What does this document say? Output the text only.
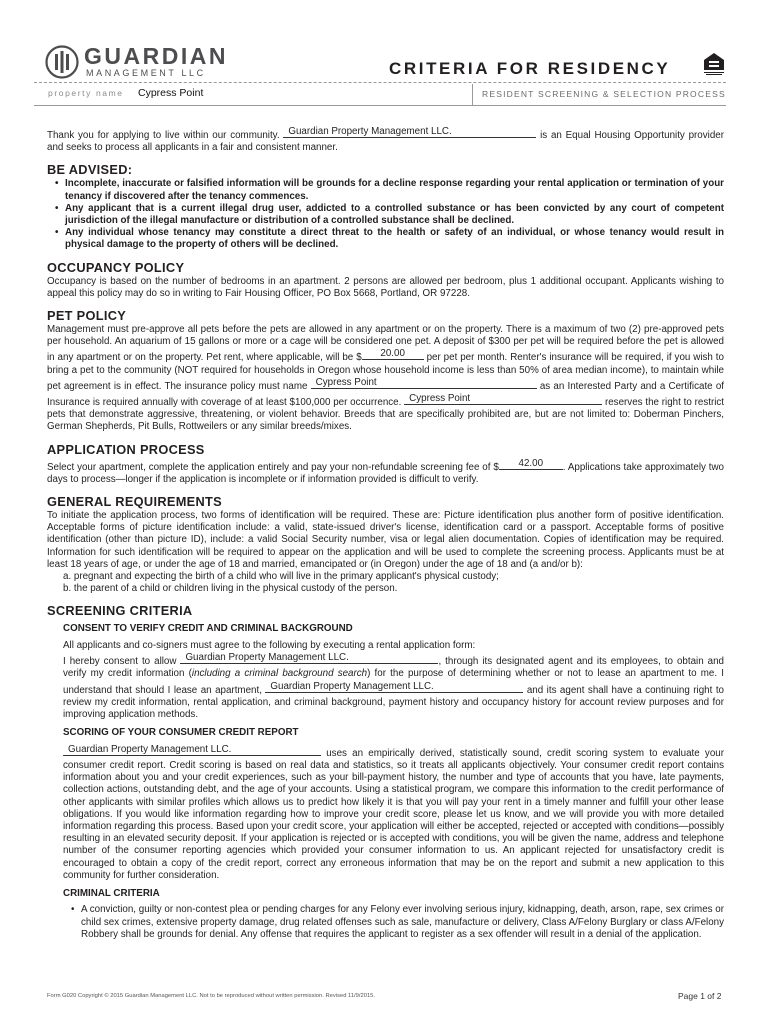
GUARDIAN
MANAGEMENT LLC	CRITERIA FOR RESIDENCY
property name Cypress Point	RESIDENT SCREENING & SELECTION PROCESS

Thank you for applying to live within our community. Guardian Property Management LLC.	is an Equal Housing Opportunity provider and seeks to process all applicants in a fair and consistent manner.

BE ADVISED:
• Incomplete, inaccurate or falsified information will be grounds for a decline response regarding your rental application or termination of your tenancy if discovered after the tenancy commences.
• Any applicant that is a current illegal drug user, addicted to a controlled substance or has been convicted by any court of competent jurisdiction of the illegal manufacture or distribution of a controlled substance shall be declined.
• Any individual whose tenancy may constitute a direct threat to the health or safety of an individual, or whose tenancy would result in physical damage to the property of others will be declined.
OCCUPANCY POLICY

Occupancy is based on the number of bedrooms in an apartment. 2 persons are allowed per bedroom, plus 1 additional occupant. Applicants wishing to appeal this policy may do so in writing to Fair Housing Officer, PO Box 5668, Portland, OR 97228.

PET POLICY

Management must pre-approve all pets before the pets are allowed in any apartment or on the property. There is a maximum of two (2) pre-approved pets per household. An aquarium of 15 gallons or more or a cage will be considered one pet. A deposit of $300 per pet will be required before the pet is allowed in any apartment or on the property. Pet rent, where applicable, will be $	20.00	per pet per month. Renter's insurance will be required, if you wish to bring a pet to the community (NOT required for households in Oregon whose household income is less than 50% of area median income), to maintain while pet agreement is in effect. The insurance policy must name Cypress Point	as an Interested Party and a Certificate of Insurance is required annually with coverage of at least $100,000 per occurrence. Cypress Point	reserves the right to restrict pets that demonstrate aggressive, threatening, or violent behavior. Breeds that are specifically prohibited are, but are not limited to: Doberman Pinchers, German Shepherds, Pit Bulls, Rottweilers or any similar breeds/mixes.

APPLICATION PROCESS

Select your apartment, complete the application entirely and pay your non-refundable screening fee of $	42.00	. Applications take approximately two days to process—longer if the application is incomplete or if information provided is difficult to verify.

GENERAL REQUIREMENTS

To initiate the application process, two forms of identification will be required. These are: Picture identification plus another form of positive identification. Acceptable forms of picture identification include: a valid, state-issued driver's license, identification card or a passport. Acceptable forms of positive identification (other than picture ID), include: a valid Social Security number, visa or legal alien documentation. Copies of identification may be required. Information for such identification will be required to appear on the application and will be used to complete the screening process. Applicants must be at least 18 years of age, or under the age of 18 and married, emancipated or (in Oregon) under the age of 18 and (a and/or b):

a. pregnant and expecting the birth of a child who will live in the primary applicant's physical custody;

b. the parent of a child or children living in the physical custody of the person.

SCREENING CRITERIA
CONSENT TO VERIFY CREDIT AND CRIMINAL BACKGROUND

All applicants and co-signers must agree to the following by executing a rental application form:

I hereby consent to allow Guardian Property Management LLC.	, through its designated agent and its employees, to obtain and verify my credit information (including a criminal background search) for the purpose of determining whether or not to lease an apartment to me. I understand that should I lease an apartment, Guardian Property Management LLC.	and its agent shall have a continuing right to review my credit information, rental application, and criminal background, payment history and occupancy history for account review purposes and for improving application methods.

SCORING OF YOUR CONSUMER CREDIT REPORT

Guardian Property Management LLC.	uses an empirically derived, statistically sound, credit scoring system to evaluate your consumer credit report. Credit scoring is based on real data and statistics, so it treats all applicants objectively. Your consumer credit report contains information about you and your credit experiences, such as your bill-payment history, the number and type of accounts that you have, late payments, collection actions, outstanding debt, and the age of your accounts. Using a statistical program, we compare this information to the credit performance of other applicants with similar profiles which allows us to predict how likely it is that you will pay your rent in a timely manner and fulfill your other lease obligations. If you would like information regarding how to improve your credit score, please let us know, and we will provide you with more detailed information regarding this process. Based upon your credit score, your application will either be accepted, rejected or accepted with conditions—possibly resulting in an elevated security deposit. If your application is rejected or is accepted with conditions, you will be given the name, address and telephone number of the consumer reporting agencies which provided your consumer information to us. An applicant rejected for unsatisfactory credit is encouraged to obtain a copy of the credit report, correct any erroneous information that may be on the report and submit a new application to this community for further consideration.

CRIMINAL CRITERIA
• A conviction, guilty or non-contest plea or pending charges for any Felony ever involving serious injury, kidnapping, death, arson, rape, sex crimes or child sex crimes, extensive property damage, drug related offenses such as sale, manufacture or delivery, Class A/Felony Burglary or class A/Felony Robbery shall be grounds for denial. Any offense that requires the applicant to register as a sex offender will result in a denial of the application.
Form G020 Copyright © 2015 Guardian Management LLC. Not to be reproduced without written permission. Revised 11/9/2015.	Page 1 of 2
